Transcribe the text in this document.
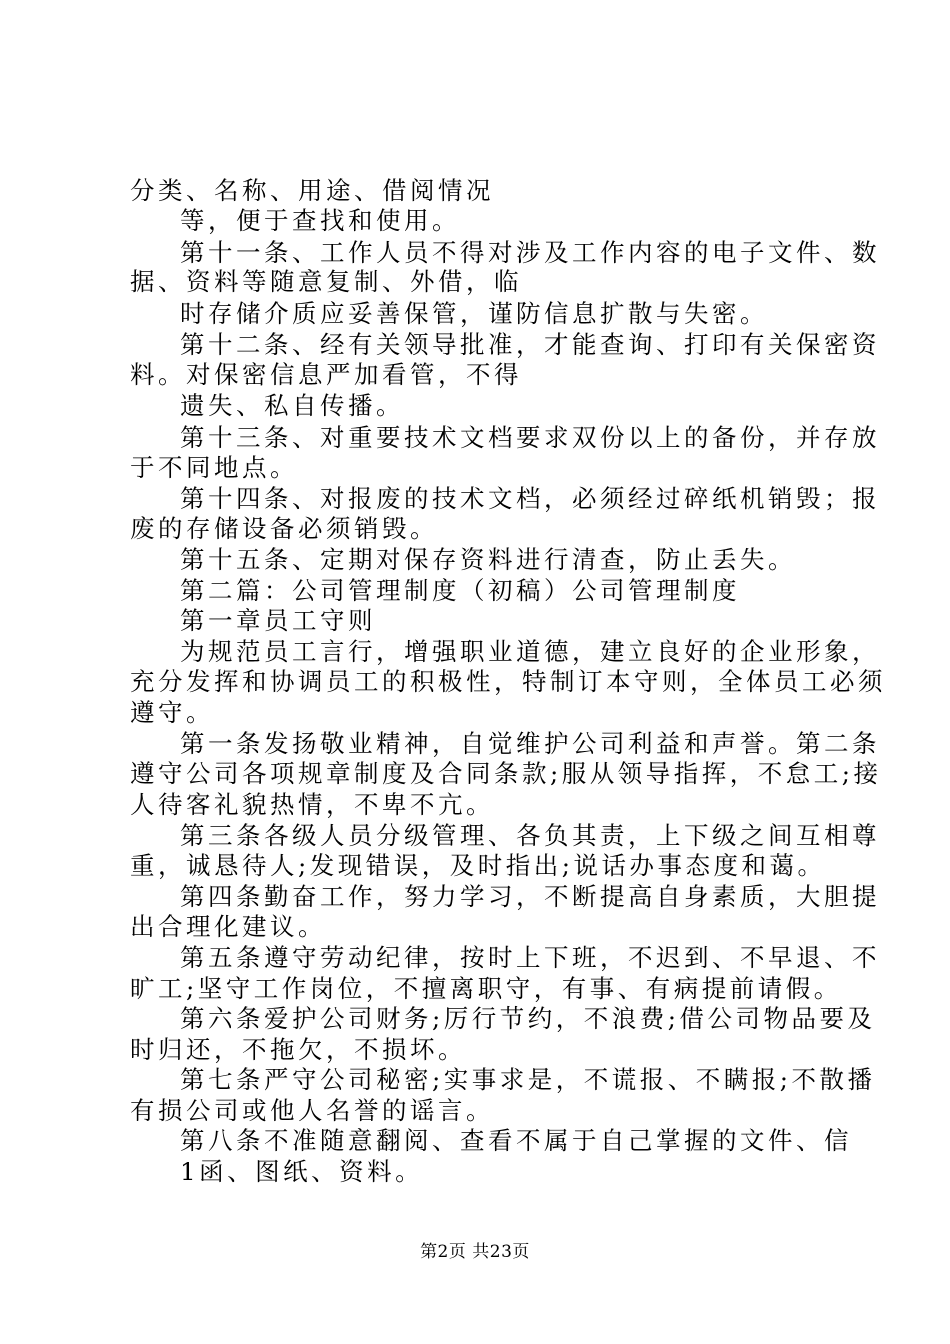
分类、名称、用途、借阅情况
等，便于查找和使用。
第十一条、工作人员不得对涉及工作内容的电子文件、数
据、资料等随意复制、外借，临
时存储介质应妥善保管，谨防信息扩散与失密。
第十二条、经有关领导批准，才能查询、打印有关保密资
料。对保密信息严加看管，不得
遗失、私自传播。
第十三条、对重要技术文档要求双份以上的备份，并存放
于不同地点。
第十四条、对报废的技术文档，必须经过碎纸机销毁；报
废的存储设备必须销毁。
第十五条、定期对保存资料进行清查，防止丢失。
第二篇：公司管理制度（初稿）公司管理制度
第一章员工守则
为规范员工言行，增强职业道德，建立良好的企业形象，
充分发挥和协调员工的积极性，特制订本守则，全体员工必须
遵守。
第一条发扬敬业精神，自觉维护公司利益和声誉。第二条
遵守公司各项规章制度及合同条款;服从领导指挥，不怠工;接
人待客礼貌热情，不卑不亢。
第三条各级人员分级管理、各负其责，上下级之间互相尊
重，诚恳待人;发现错误，及时指出;说话办事态度和蔼。
第四条勤奋工作，努力学习，不断提高自身素质，大胆提
出合理化建议。
第五条遵守劳动纪律，按时上下班，不迟到、不早退、不
旷工;坚守工作岗位，不擅离职守，有事、有病提前请假。
第六条爱护公司财务;厉行节约，不浪费;借公司物品要及
时归还，不拖欠，不损坏。
第七条严守公司秘密;实事求是，不谎报、不瞒报;不散播
有损公司或他人名誉的谣言。
第八条不准随意翻阅、查看不属于自己掌握的文件、信
1函、图纸、资料。
第2页 共23页
